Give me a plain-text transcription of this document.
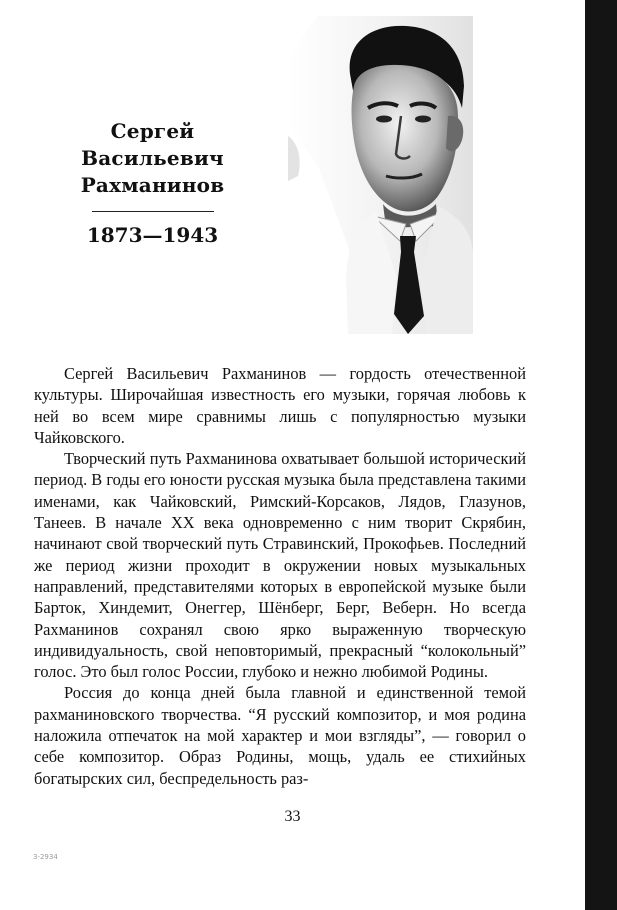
Сергей
Васильевич
Рахманинов
1873—1943

Сергей Васильевич Рахманинов — гордость отечественной культуры. Широчайшая известность его музыки, горячая любовь к ней во всем мире сравнимы лишь с популярностью музыки Чайковского.

Творческий путь Рахманинова охватывает большой исторический период. В годы его юности русская музыка была представлена такими именами, как Чайковский, Римский-Корсаков, Лядов, Глазунов, Танеев. В начале XX века одновременно с ним творит Скрябин, начинают свой творческий путь Стравинский, Прокофьев. Последний же период жизни проходит в окружении новых музыкальных направлений, представителями которых в европейской музыке были Барток, Хиндемит, Онеггер, Шёнберг, Берг, Веберн. Но всегда Рахманинов сохранял свою ярко выраженную творческую индивидуальность, свой неповторимый, прекрасный “колокольный” голос. Это был голос России, глубоко и нежно любимой Родины.

Россия до конца дней была главной и единственной темой рахманиновского творчества. “Я русский композитор, и моя родина наложила отпечаток на мой характер и мои взгляды”, — говорил о себе композитор. Образ Родины, мощь, удаль ее стихийных богатырских сил, беспредельность раз-

33
3-2934
